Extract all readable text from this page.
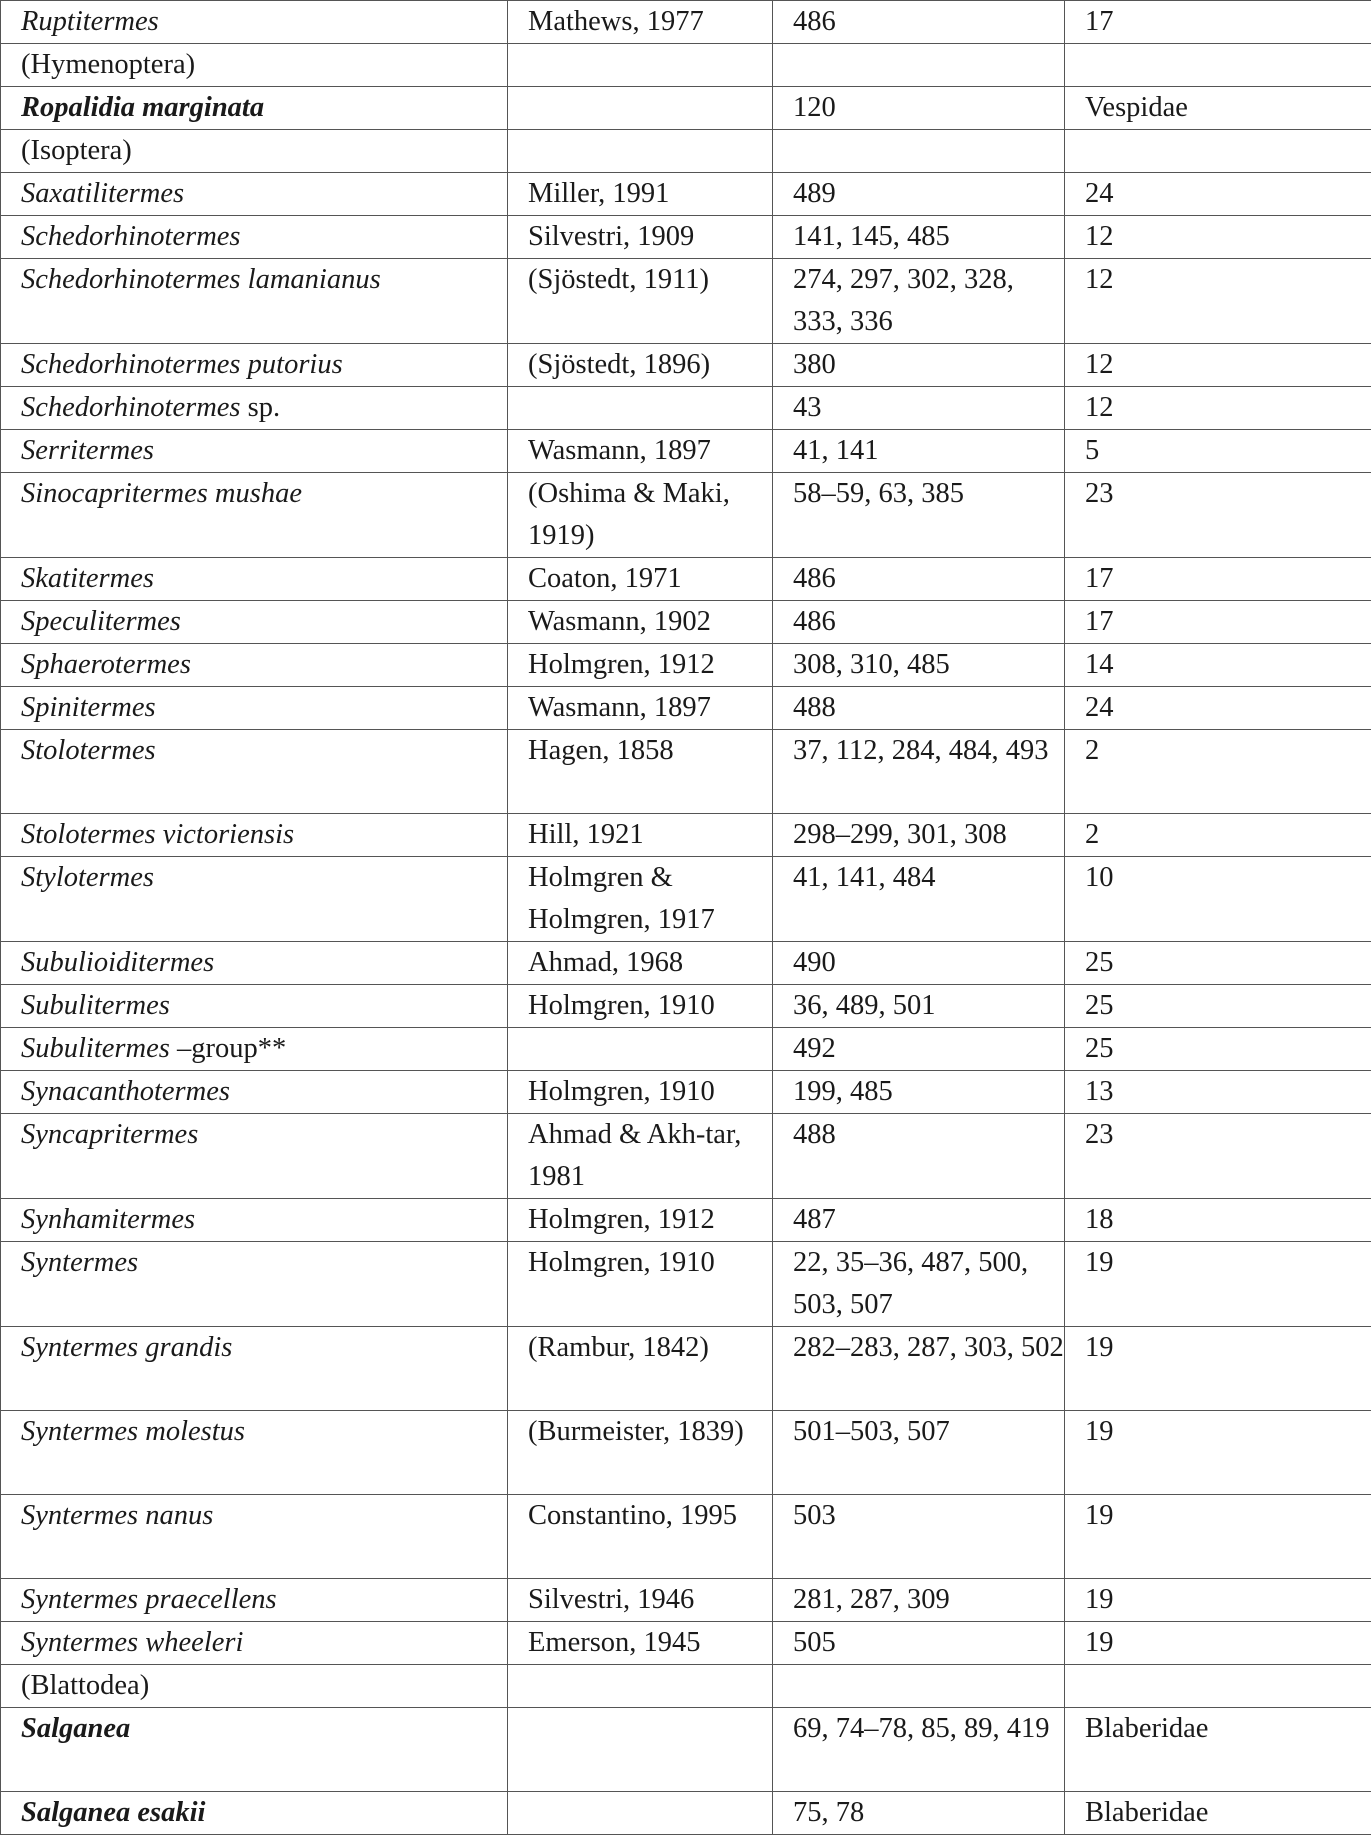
Ruptitermes	Mathews, 1977	486	17
(Hymenoptera)			
Ropalidia marginata		120	Vespidae
(Isoptera)			
Saxatilitermes	Miller, 1991	489	24
Schedorhinotermes	Silvestri, 1909	141, 145, 485	12
Schedorhinotermes lamanianus	(Sjöstedt, 1911)	274, 297, 302, 328, 333, 336	12
Schedorhinotermes putorius	(Sjöstedt, 1896)	380	12
Schedorhinotermes sp.		43	12
Serritermes	Wasmann, 1897	41, 141	5
Sinocapritermes mushae	(Oshima & Maki, 1919)	58–59, 63, 385	23
Skatitermes	Coaton, 1971	486	17
Speculitermes	Wasmann, 1902	486	17
Sphaerotermes	Holmgren, 1912	308, 310, 485	14
Spinitermes	Wasmann, 1897	488	24
Stolotermes	Hagen, 1858	37, 112, 284, 484, 493	2
Stolotermes victoriensis	Hill, 1921	298–299, 301, 308	2
Stylotermes	Holmgren & Holmgren, 1917	41, 141, 484	10
Subulioiditermes	Ahmad, 1968	490	25
Subulitermes	Holmgren, 1910	36, 489, 501	25
Subulitermes –group**		492	25
Synacanthotermes	Holmgren, 1910	199, 485	13
Syncapritermes	Ahmad & Akh-tar, 1981	488	23
Synhamitermes	Holmgren, 1912	487	18
Syntermes	Holmgren, 1910	22, 35–36, 487, 500, 503, 507	19
Syntermes grandis	(Rambur, 1842)	282–283, 287, 303, 502	19
Syntermes molestus	(Burmeister, 1839)	501–503, 507	19
Syntermes nanus	Constantino, 1995	503	19
Syntermes praecellens	Silvestri, 1946	281, 287, 309	19
Syntermes wheeleri	Emerson, 1945	505	19
(Blattodea)			
Salganea		69, 74–78, 85, 89, 419	Blaberidae
Salganea esakii		75, 78	Blaberidae
